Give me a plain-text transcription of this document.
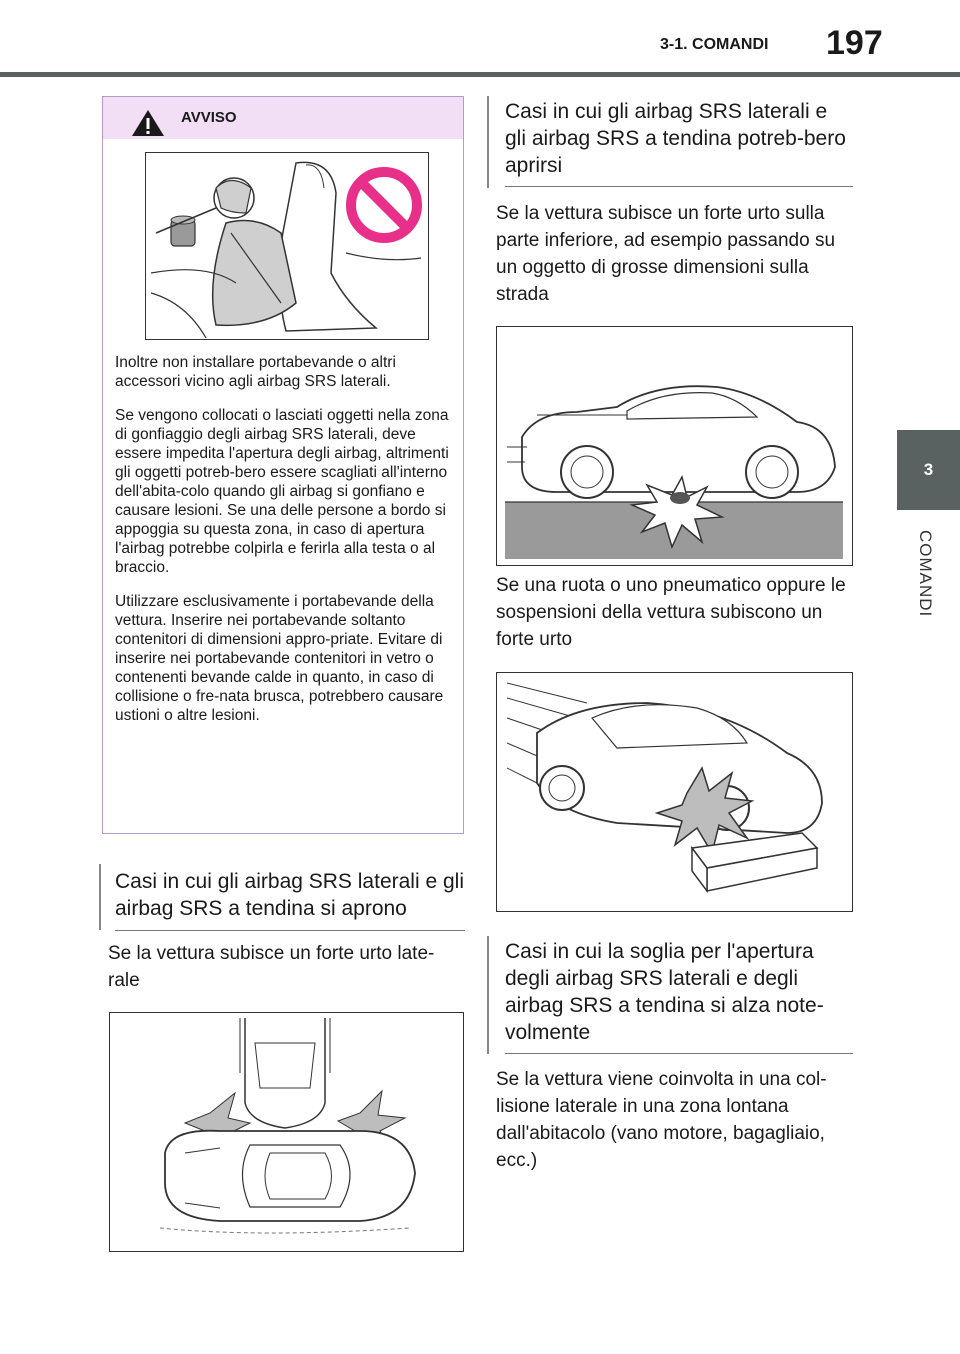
3-1. COMANDI 197
3
COMANDI
AVVISO

Inoltre non installare portabevande o altri accessori vicino agli airbag SRS laterali.

Se vengono collocati o lasciati oggetti nella zona di gonfiaggio degli airbag SRS laterali, deve essere impedita l'apertura degli airbag, altrimenti gli oggetti potreb-bero essere scagliati all'interno dell'abita-colo quando gli airbag si gonfiano e causare lesioni. Se una delle persone a bordo si appoggia su questa zona, in caso di apertura l'airbag potrebbe colpirla e ferirla alla testa o al braccio.

Utilizzare esclusivamente i portabevande della vettura. Inserire nei portabevande soltanto contenitori di dimensioni appro-priate. Evitare di inserire nei portabevande contenitori in vetro o contenenti bevande calde in quanto, in caso di collisione o fre-nata brusca, potrebbero causare ustioni o altre lesioni.

Casi in cui gli airbag SRS laterali e gli airbag SRS a tendina si aprono
Se la vettura subisce un forte urto late-rale
Casi in cui gli airbag SRS laterali e gli airbag SRS a tendina potreb-bero aprirsi
Se la vettura subisce un forte urto sulla parte inferiore, ad esempio passando su un oggetto di grosse dimensioni sulla strada
Se una ruota o uno pneumatico oppure le sospensioni della vettura subiscono un forte urto
Casi in cui la soglia per l'apertura degli airbag SRS laterali e degli airbag SRS a tendina si alza note-volmente
Se la vettura viene coinvolta in una col-lisione laterale in una zona lontana dall'abitacolo (vano motore, bagagliaio, ecc.)
